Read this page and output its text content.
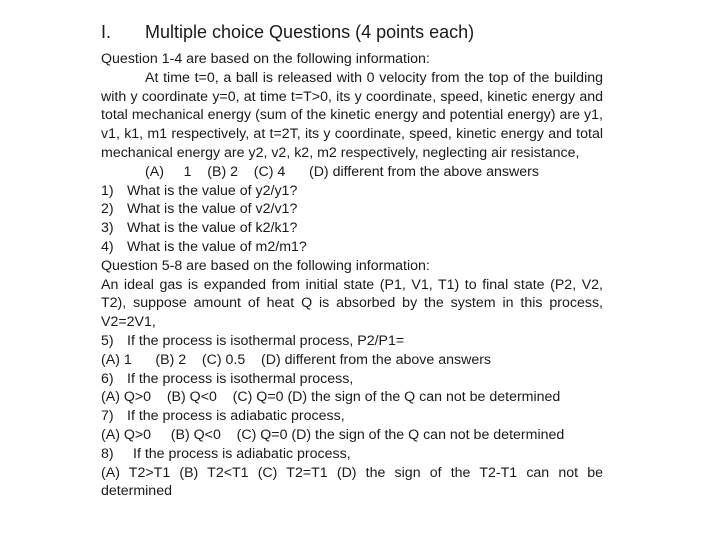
I. Multiple choice Questions (4 points each)
Question 1-4 are based on the following information:
At time t=0, a ball is released with 0 velocity from the top of the building with y coordinate y=0, at time t=T>0, its y coordinate, speed, kinetic energy and total mechanical energy (sum of the kinetic energy and potential energy) are y1, v1, k1, m1 respectively, at t=2T, its y coordinate, speed, kinetic energy and total mechanical energy are y2, v2, k2, m2 respectively, neglecting air resistance,
(A)     1    (B) 2    (C) 4      (D) different from the above answers
1) What is the value of y2/y1?
2) What is the value of v2/v1?
3) What is the value of k2/k1?
4) What is the value of m2/m1?
Question 5-8 are based on the following information:
An ideal gas is expanded from initial state (P1, V1, T1) to final state (P2, V2, T2), suppose amount of heat Q is absorbed by the system in this process, V2=2V1,
5) If the process is isothermal process, P2/P1=
(A) 1      (B) 2    (C) 0.5    (D) different from the above answers
6) If the process is isothermal process,
(A) Q>0    (B) Q<0    (C) Q=0 (D) the sign of the Q can not be determined
7) If the process is adiabatic process,
(A) Q>0     (B) Q<0    (C) Q=0 (D) the sign of the Q can not be determined
8)	If the process is adiabatic process,
(A) T2>T1 (B) T2<T1 (C) T2=T1 (D) the sign of the T2-T1 can not be determined
